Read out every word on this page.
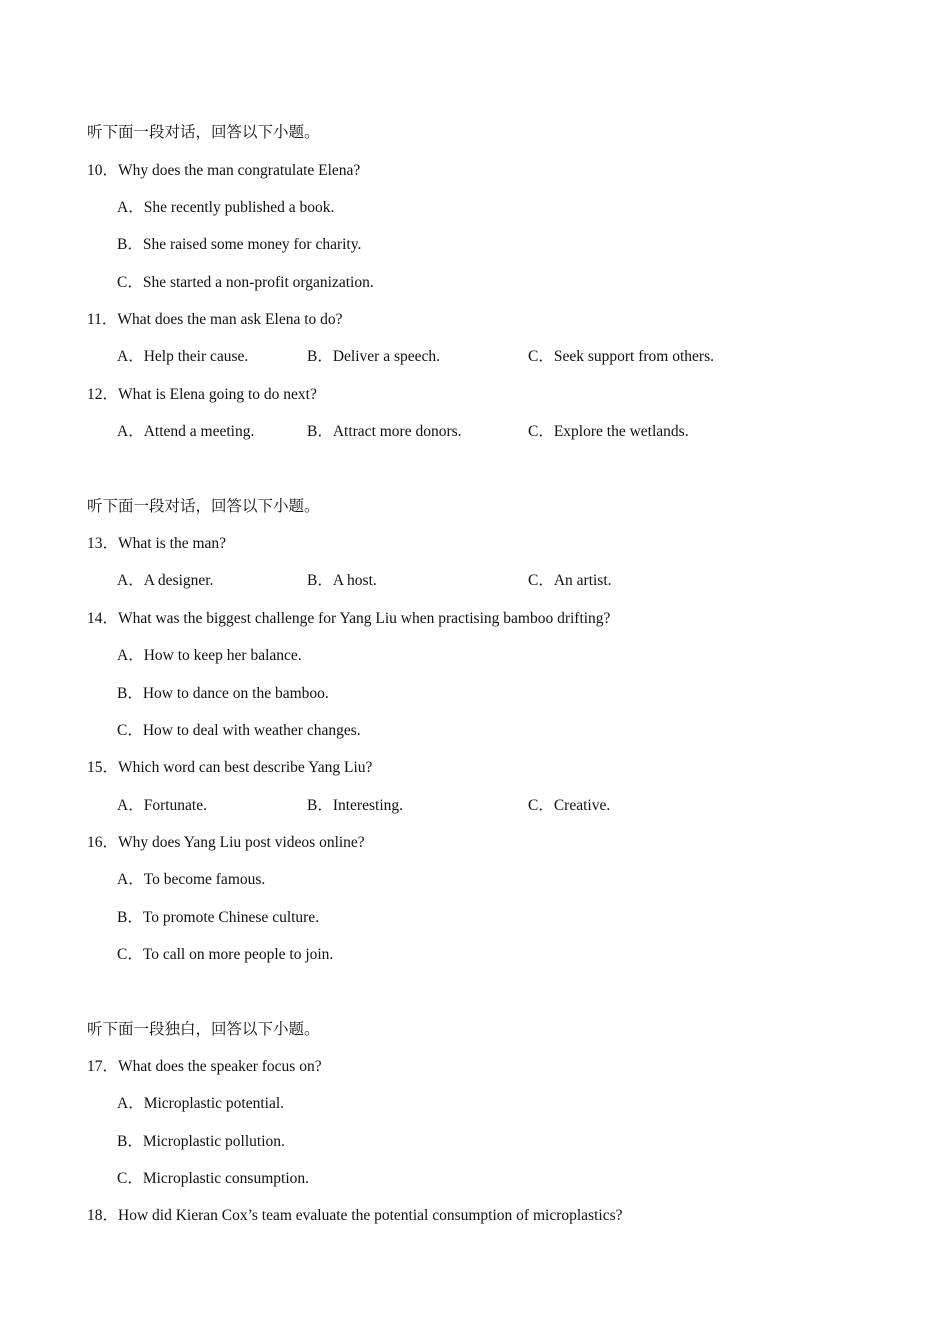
听下面一段对话，回答以下小题。
10．Why does the man congratulate Elena?
A．She recently published a book.
B．She raised some money for charity.
C．She started a non-profit organization.
11．What does the man ask Elena to do?
A．Help their cause.	B．Deliver a speech.	C．Seek support from others.
12．What is Elena going to do next?
A．Attend a meeting.	B．Attract more donors.	C．Explore the wetlands.
听下面一段对话，回答以下小题。
13．What is the man?
A．A designer.	B．A host.	C．An artist.
14．What was the biggest challenge for Yang Liu when practising bamboo drifting?
A．How to keep her balance.
B．How to dance on the bamboo.
C．How to deal with weather changes.
15．Which word can best describe Yang Liu?
A．Fortunate.	B．Interesting.	C．Creative.
16．Why does Yang Liu post videos online?
A．To become famous.
B．To promote Chinese culture.
C．To call on more people to join.
听下面一段独白，回答以下小题。
17．What does the speaker focus on?
A．Microplastic potential.
B．Microplastic pollution.
C．Microplastic consumption.
18．How did Kieran Cox’s team evaluate the potential consumption of microplastics?
